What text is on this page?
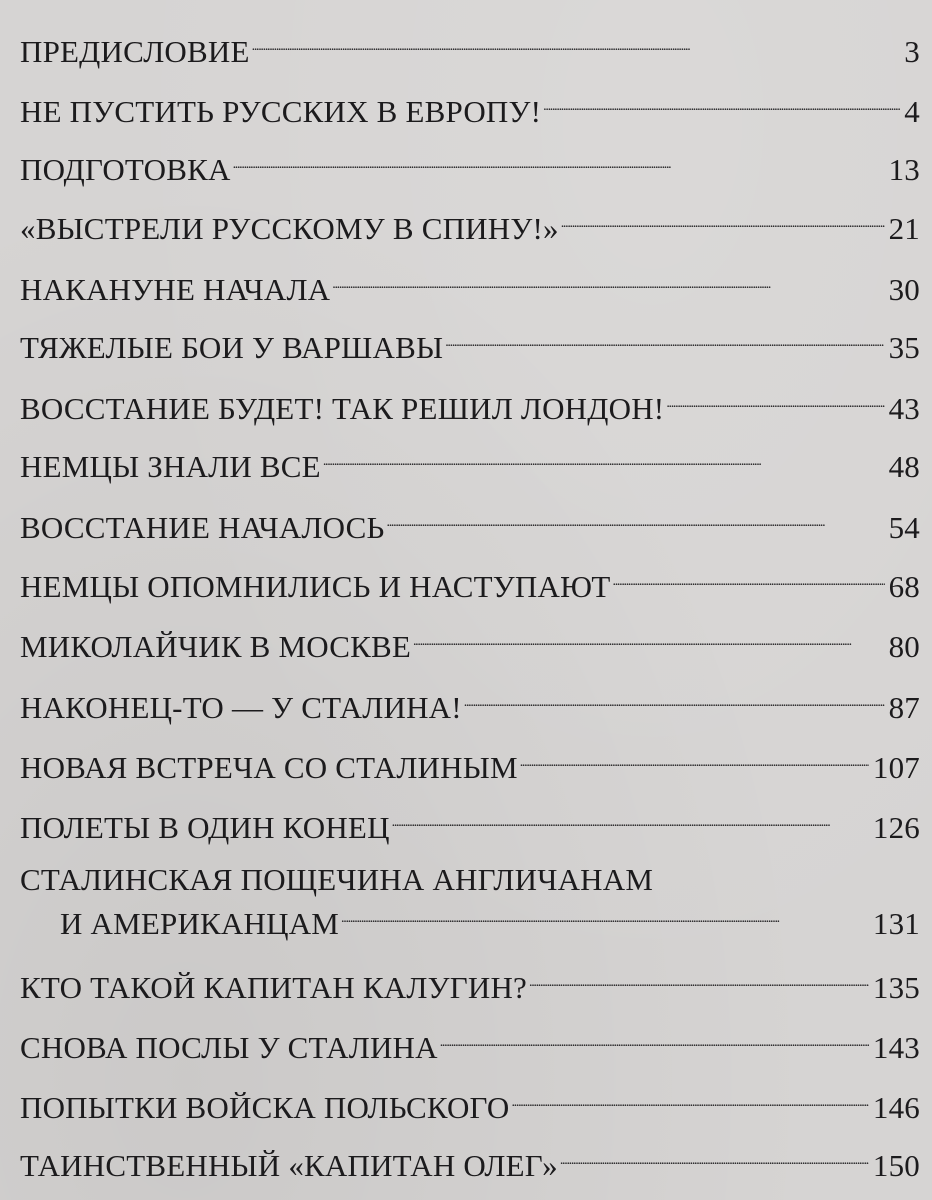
ПРЕДИСЛОВИЕ . . .	3
НЕ ПУСТИТЬ РУССКИХ В ЕВРОПУ! . . .	4
ПОДГОТОВКА . . .	13
«ВЫСТРЕЛИ РУССКОМУ В СПИНУ!» . . .	21
НАКАНУНЕ НАЧАЛА . . .	30
ТЯЖЕЛЫЕ БОИ У ВАРШАВЫ . . .	35
ВОССТАНИЕ БУДЕТ! ТАК РЕШИЛ ЛОНДОН! . . .	43
НЕМЦЫ ЗНАЛИ ВСЕ . . .	48
ВОССТАНИЕ НАЧАЛОСЬ . . .	54
НЕМЦЫ ОПОМНИЛИСЬ И НАСТУПАЮТ . . .	68
МИКОЛАЙЧИК В МОСКВЕ . . .	80
НАКОНЕЦ-ТО — У СТАЛИНА! . . .	87
НОВАЯ ВСТРЕЧА СО СТАЛИНЫМ . . .	107
ПОЛЕТЫ В ОДИН КОНЕЦ . . .	126
СТАЛИНСКАЯ ПОЩЕЧИНА АНГЛИЧАНАМ
И АМЕРИКАНЦАМ . . .	131
КТО ТАКОЙ КАПИТАН КАЛУГИН? . . .	135
СНОВА ПОСЛЫ У СТАЛИНА . . .	143
ПОПЫТКИ ВОЙСКА ПОЛЬСКОГО . . .	146
ТАИНСТВЕННЫЙ «КАПИТАН ОЛЕГ» . . .	150
